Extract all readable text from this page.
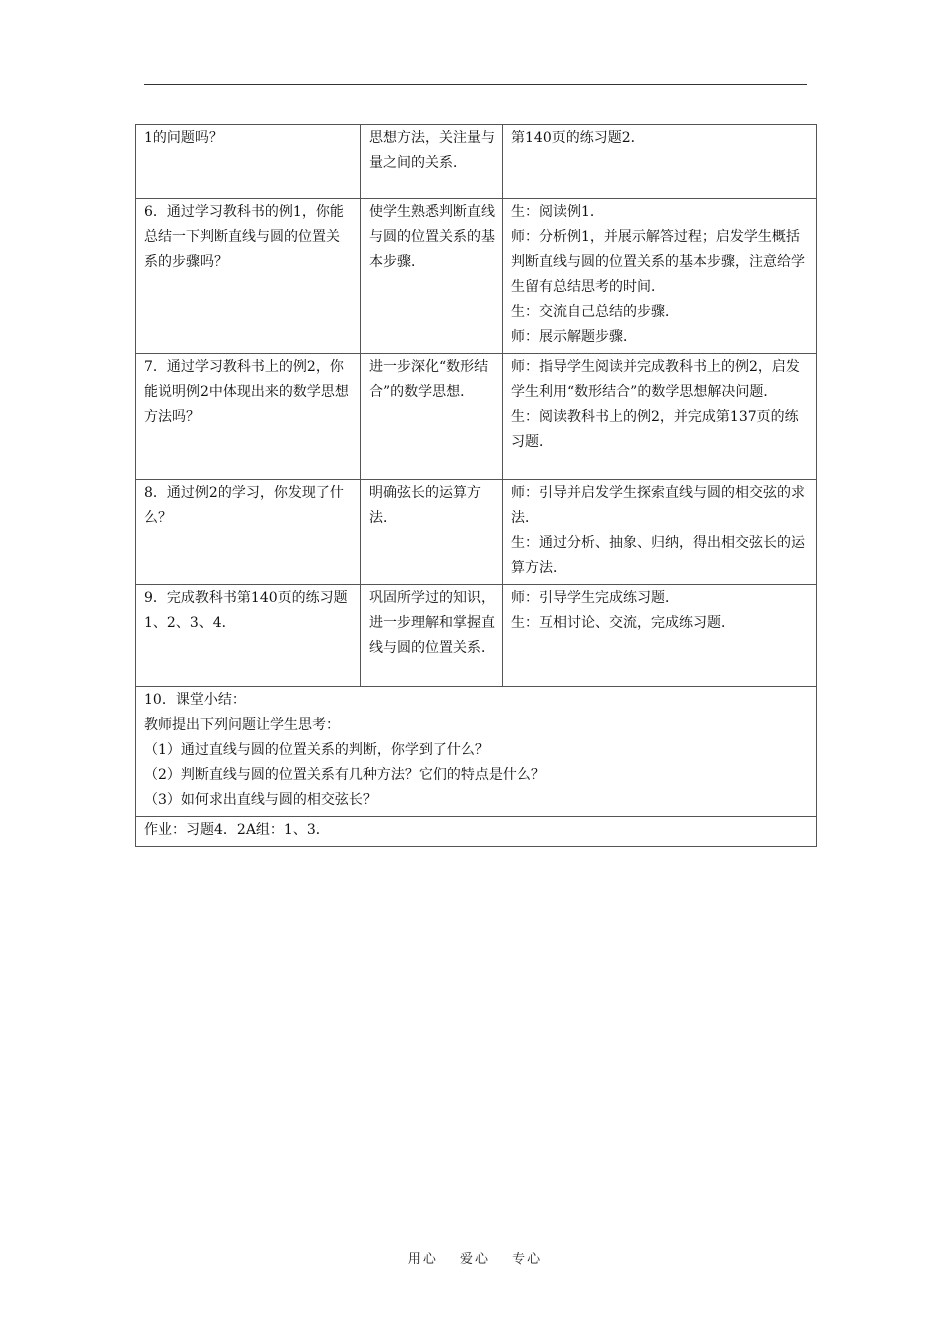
1的问题吗？	思想方法，关注量与量之间的关系．	第140页的练习题2．

6．通过学习教科书的例1，你能总结一下判断直线与圆的位置关系的步骤吗？	使学生熟悉判断直线与圆的位置关系的基本步骤．	生：阅读例1．
师：分析例1，并展示解答过程；启发学生概括判断直线与圆的位置关系的基本步骤，注意给学生留有总结思考的时间．
生：交流自己总结的步骤．
师：展示解题步骤．

7．通过学习教科书上的例2，你能说明例2中体现出来的数学思想方法吗？	进一步深化“数形结合”的数学思想．	师：指导学生阅读并完成教科书上的例2，启发学生利用“数形结合”的数学思想解决问题．
生：阅读教科书上的例2，并完成第137页的练习题．

8．通过例2的学习，你发现了什么？	明确弦长的运算方法．	师：引导并启发学生探索直线与圆的相交弦的求法．
生：通过分析、抽象、归纳，得出相交弦长的运算方法．

9．完成教科书第140页的练习题1、2、3、4．	巩固所学过的知识，进一步理解和掌握直线与圆的位置关系．	师：引导学生完成练习题．
生：互相讨论、交流，完成练习题．

10．课堂小结：
教师提出下列问题让学生思考：
（1）通过直线与圆的位置关系的判断，你学到了什么？
（2）判断直线与圆的位置关系有几种方法？它们的特点是什么？
（3）如何求出直线与圆的相交弦长？		

作业：习题4．2A组：1、3．		
用心 爱心 专心
